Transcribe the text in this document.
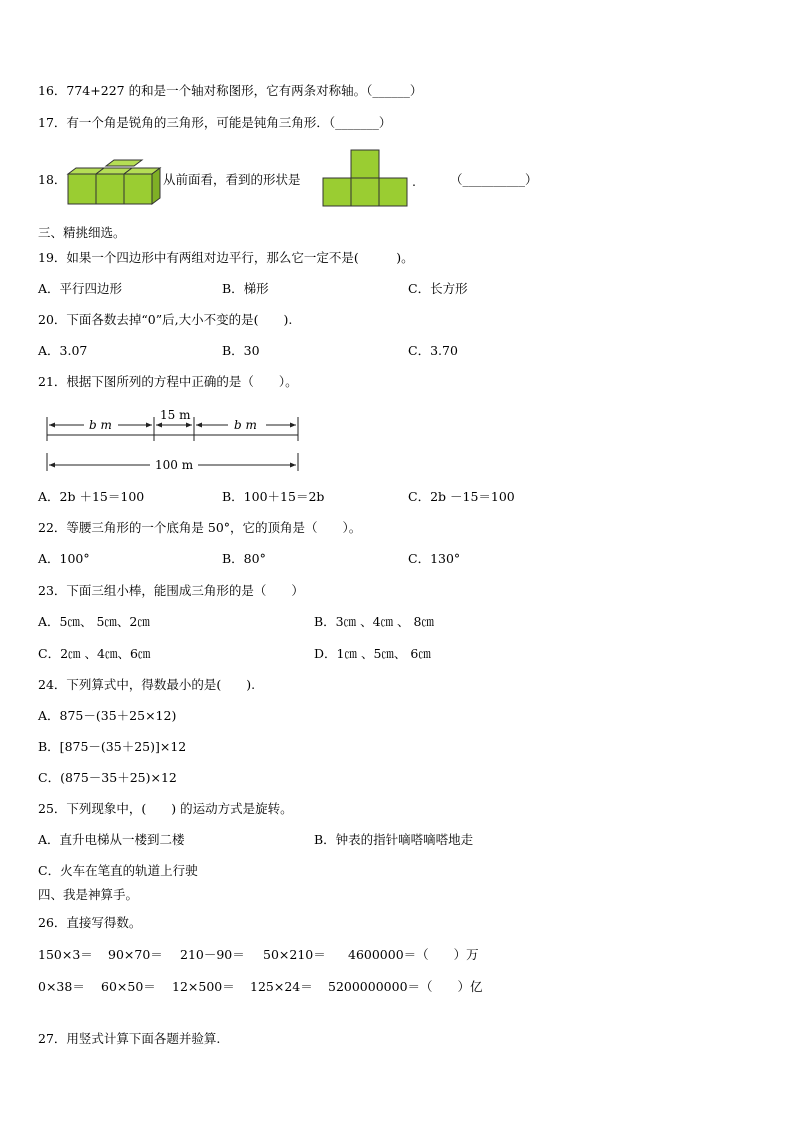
16．774+227 的和是一个轴对称图形，它有两条对称轴。（______）
17．有一个角是锐角的三角形，可能是钝角三角形．（_______）
18．	从前面看，看到的形状是	.	（__________）
三、精挑细选。
19．如果一个四边形中有两组对边平行，那么它一定不是(　　　)。
A．平行四边形	B．梯形	C．长方形
20．下面各数去掉“0”后,大小不变的是(　　).
A．3.07	B．30	C．3.70
21．根据下图所列的方程中正确的是（　　）。
b m
15 m
b m
100 m
A．2b ＋15＝100	B．100＋15＝2b	C．2b －15＝100
22．等腰三角形的一个底角是 50°，它的顶角是（　　）。
A．100°	B．80°	C．130°
23．下面三组小棒，能围成三角形的是（　　）
A．5㎝、 5㎝、2㎝	B．3㎝ 、4㎝ 、 8㎝
C．2㎝ 、4㎝、6㎝	D．1㎝ 、5㎝、 6㎝
24．下列算式中，得数最小的是(　　).
A．875－(35＋25×12)
B．[875－(35＋25)]×12
C．(875－35＋25)×12
25．下列现象中，(　　) 的运动方式是旋转。
A．直升电梯从一楼到二楼	B．钟表的指针嘀嗒嘀嗒地走
C．火车在笔直的轨道上行驶
四、我是神算手。
26．直接写得数。
150×3＝ 90×70＝ 210－90＝ 50×210＝ 4600000＝（　　）万
0×38＝ 60×50＝ 12×500＝ 125×24＝ 5200000000＝（　　）亿
27．用竖式计算下面各题并验算.
